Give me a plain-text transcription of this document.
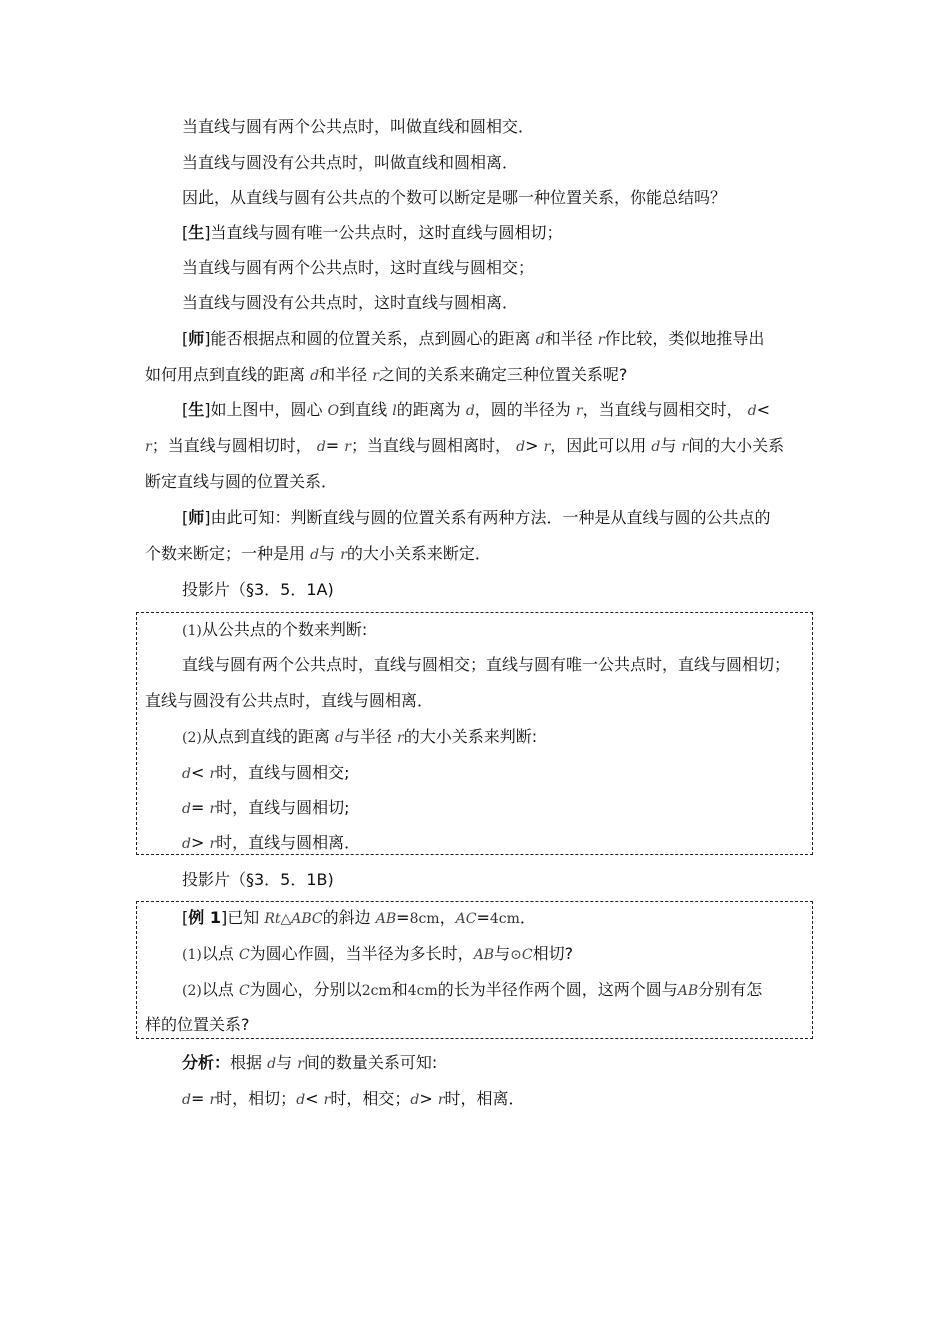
当直线与圆有两个公共点时，叫做直线和圆相交．
当直线与圆没有公共点时，叫做直线和圆相离．
因此，从直线与圆有公共点的个数可以断定是哪一种位置关系，你能总结吗？
[生]当直线与圆有唯一公共点时，这时直线与圆相切；
当直线与圆有两个公共点时，这时直线与圆相交；
当直线与圆没有公共点时，这时直线与圆相离．
[师]能否根据点和圆的位置关系，点到圆心的距离 d和半径 r作比较，类似地推导出
如何用点到直线的距离 d和半径 r之间的关系来确定三种位置关系呢?
[生]如上图中，圆心 O到直线 l的距离为 d，圆的半径为 r，当直线与圆相交时， d<
r；当直线与圆相切时， d= r；当直线与圆相离时， d> r，因此可以用 d与 r间的大小关系
断定直线与圆的位置关系．
[师]由此可知：判断直线与圆的位置关系有两种方法．一种是从直线与圆的公共点的
个数来断定；一种是用 d与 r的大小关系来断定．
投影片（§3．5．1A)
(1)从公共点的个数来判断:
直线与圆有两个公共点时，直线与圆相交；直线与圆有唯一公共点时，直线与圆相切；
直线与圆没有公共点时，直线与圆相离．
(2)从点到直线的距离 d与半径 r的大小关系来判断:
d< r时，直线与圆相交;
d= r时，直线与圆相切;
d> r时，直线与圆相离．
投影片（§3．5．1B)
[例 1]已知 Rt△ABC的斜边 AB=8cm，AC=4cm．
(1)以点 C为圆心作圆，当半径为多长时，AB与⊙C相切?
(2)以点 C为圆心，分别以2cm和4cm的长为半径作两个圆，这两个圆与AB分别有怎
样的位置关系?
分析：根据 d与 r间的数量关系可知:
d= r时，相切；d< r时，相交；d> r时，相离．
